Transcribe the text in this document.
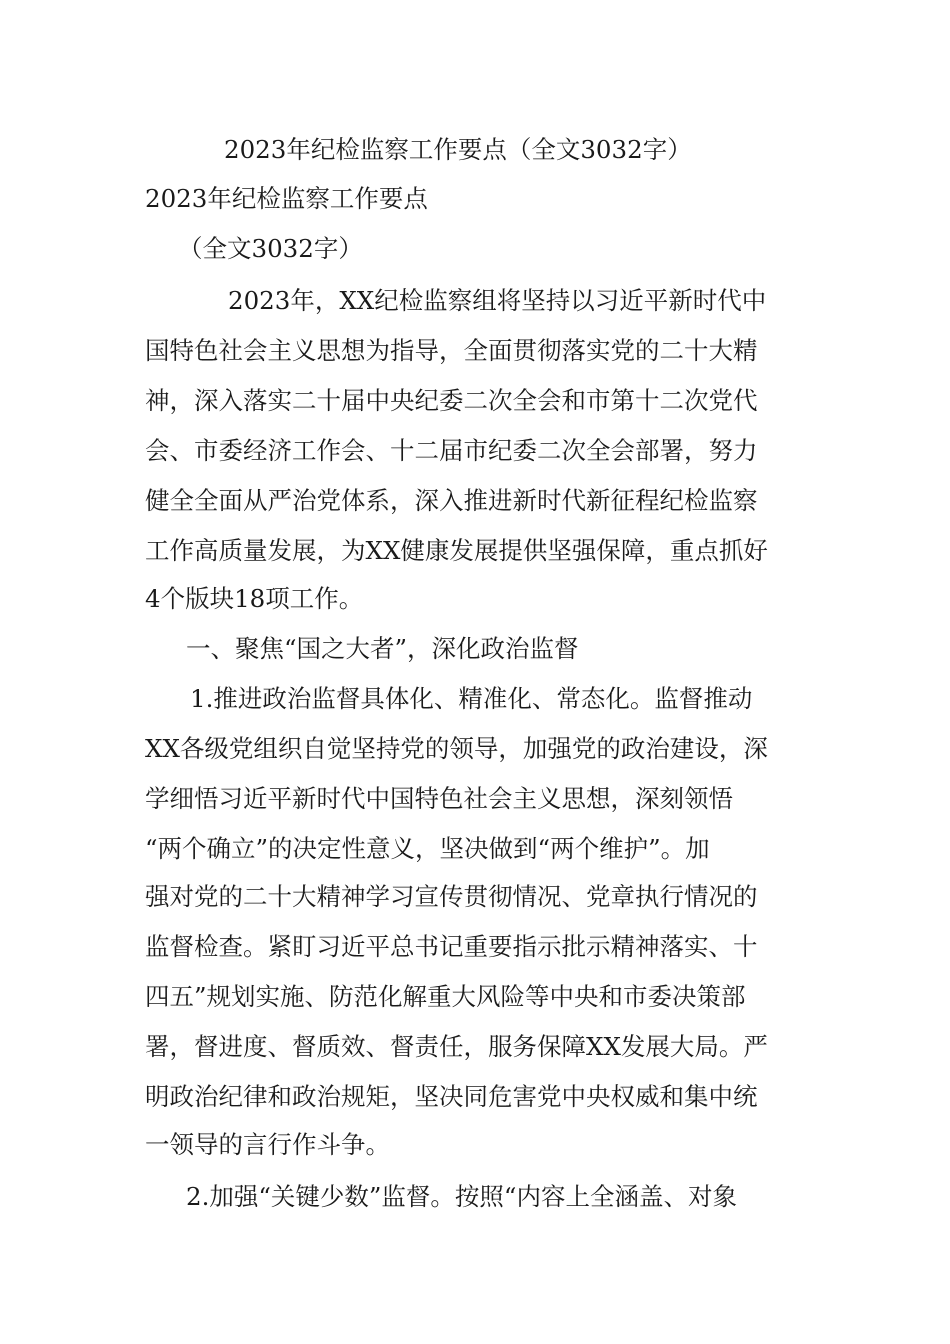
2023年纪检监察工作要点（全文3032字）
2023年纪检监察工作要点
（全文3032字）
2023年，XX纪检监察组将坚持以习近平新时代中
国特色社会主义思想为指导，全面贯彻落实党的二十大精
神，深入落实二十届中央纪委二次全会和市第十二次党代
会、市委经济工作会、十二届市纪委二次全会部署，努力
健全全面从严治党体系，深入推进新时代新征程纪检监察
工作高质量发展，为XX健康发展提供坚强保障，重点抓好
4个版块18项工作。
一、聚焦“国之大者”，深化政治监督
1.推进政治监督具体化、精准化、常态化。监督推动
XX各级党组织自觉坚持党的领导，加强党的政治建设，深
学细悟习近平新时代中国特色社会主义思想，深刻领悟
“两个确立”的决定性意义，坚决做到“两个维护”。加
强对党的二十大精神学习宣传贯彻情况、党章执行情况的
监督检查。紧盯习近平总书记重要指示批示精神落实、十
四五”规划实施、防范化解重大风险等中央和市委决策部
署，督进度、督质效、督责任，服务保障XX发展大局。严
明政治纪律和政治规矩，坚决同危害党中央权威和集中统
一领导的言行作斗争。
2.加强“关键少数”监督。按照“内容上全涵盖、对象
